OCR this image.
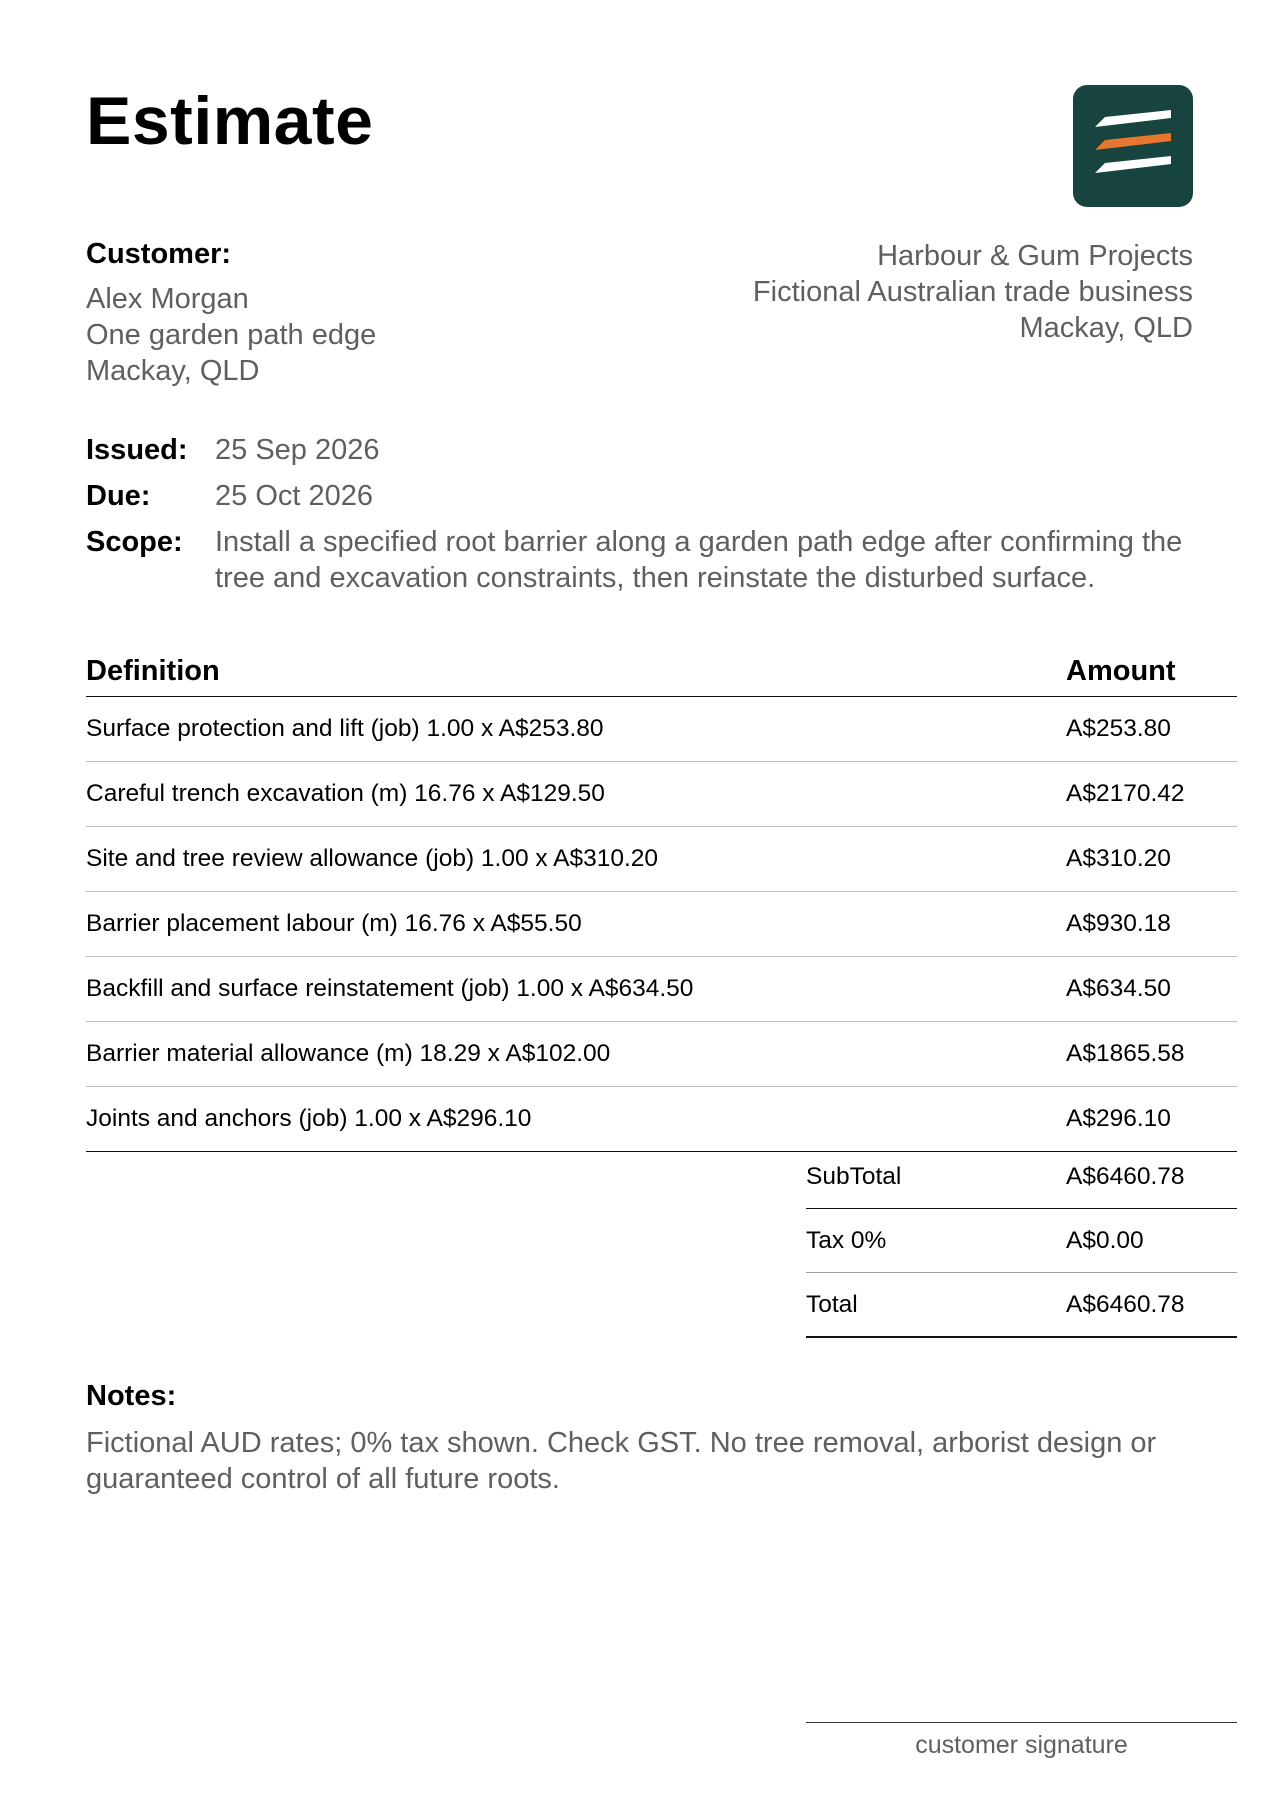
Estimate
Customer:
Alex Morgan
One garden path edge
Mackay, QLD
Harbour & Gum Projects
Fictional Australian trade business
Mackay, QLD
Issued: 25 Sep 2026
Due:	25 Oct 2026
Scope:	Install a specified root barrier along a garden path edge after confirming the tree and excavation constraints, then reinstate the disturbed surface.
Definition	Amount
Surface protection and lift (job) 1.00 x A$253.80	A$253.80
Careful trench excavation (m) 16.76 x A$129.50	A$2170.42
Site and tree review allowance (job) 1.00 x A$310.20	A$310.20
Barrier placement labour (m) 16.76 x A$55.50	A$930.18
Backfill and surface reinstatement (job) 1.00 x A$634.50	A$634.50
Barrier material allowance (m) 18.29 x A$102.00	A$1865.58
Joints and anchors (job) 1.00 x A$296.10	A$296.10
SubTotal	A$6460.78
Tax 0%	A$0.00
Total	A$6460.78
Notes:
Fictional AUD rates; 0% tax shown. Check GST. No tree removal, arborist design or guaranteed control of all future roots.
customer signature
